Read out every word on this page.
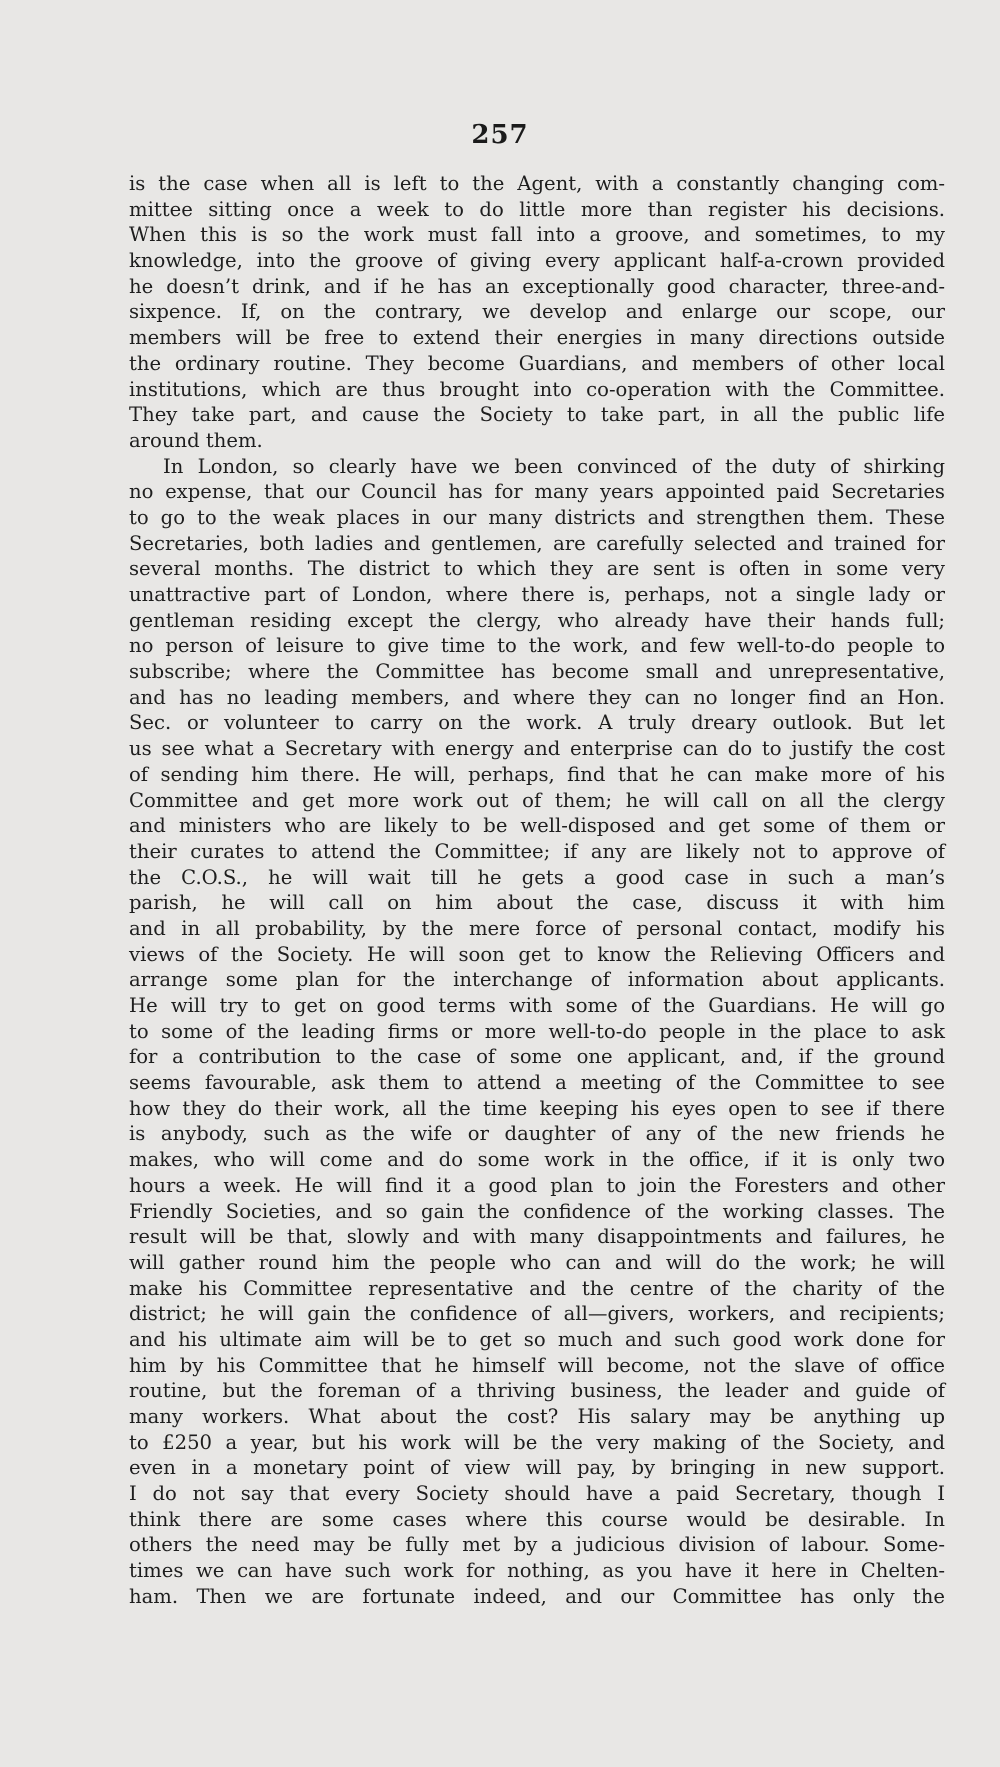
257
is the case when all is left to the Agent, with a constantly changing com-
mittee sitting once a week to do little more than register his decisions.
When this is so the work must fall into a groove, and sometimes, to my
knowledge, into the groove of giving every applicant half-a-crown provided
he doesn’t drink, and if he has an exceptionally good character, three-and-
sixpence. If, on the contrary, we develop and enlarge our scope, our
members will be free to extend their energies in many directions outside
the ordinary routine. They become Guardians, and members of other local
institutions, which are thus brought into co-operation with the Committee.
They take part, and cause the Society to take part, in all the public life
around them.
In London, so clearly have we been convinced of the duty of shirking
no expense, that our Council has for many years appointed paid Secretaries
to go to the weak places in our many districts and strengthen them. These
Secretaries, both ladies and gentlemen, are carefully selected and trained for
several months. The district to which they are sent is often in some very
unattractive part of London, where there is, perhaps, not a single lady or
gentleman residing except the clergy, who already have their hands full;
no person of leisure to give time to the work, and few well-to-do people to
subscribe; where the Committee has become small and unrepresentative,
and has no leading members, and where they can no longer find an Hon.
Sec. or volunteer to carry on the work. A truly dreary outlook. But let
us see what a Secretary with energy and enterprise can do to justify the cost
of sending him there. He will, perhaps, find that he can make more of his
Committee and get more work out of them; he will call on all the clergy
and ministers who are likely to be well-disposed and get some of them or
their curates to attend the Committee; if any are likely not to approve of
the C.O.S., he will wait till he gets a good case in such a man’s
parish, he will call on him about the case, discuss it with him
and in all probability, by the mere force of personal contact, modify his
views of the Society. He will soon get to know the Relieving Officers and
arrange some plan for the interchange of information about applicants.
He will try to get on good terms with some of the Guardians. He will go
to some of the leading firms or more well-to-do people in the place to ask
for a contribution to the case of some one applicant, and, if the ground
seems favourable, ask them to attend a meeting of the Committee to see
how they do their work, all the time keeping his eyes open to see if there
is anybody, such as the wife or daughter of any of the new friends he
makes, who will come and do some work in the office, if it is only two
hours a week. He will find it a good plan to join the Foresters and other
Friendly Societies, and so gain the confidence of the working classes. The
result will be that, slowly and with many disappointments and failures, he
will gather round him the people who can and will do the work; he will
make his Committee representative and the centre of the charity of the
district; he will gain the confidence of all—givers, workers, and recipients;
and his ultimate aim will be to get so much and such good work done for
him by his Committee that he himself will become, not the slave of office
routine, but the foreman of a thriving business, the leader and guide of
many workers. What about the cost? His salary may be anything up
to £250 a year, but his work will be the very making of the Society, and
even in a monetary point of view will pay, by bringing in new support.
I do not say that every Society should have a paid Secretary, though I
think there are some cases where this course would be desirable. In
others the need may be fully met by a judicious division of labour. Some-
times we can have such work for nothing, as you have it here in Chelten-
ham. Then we are fortunate indeed, and our Committee has only the
